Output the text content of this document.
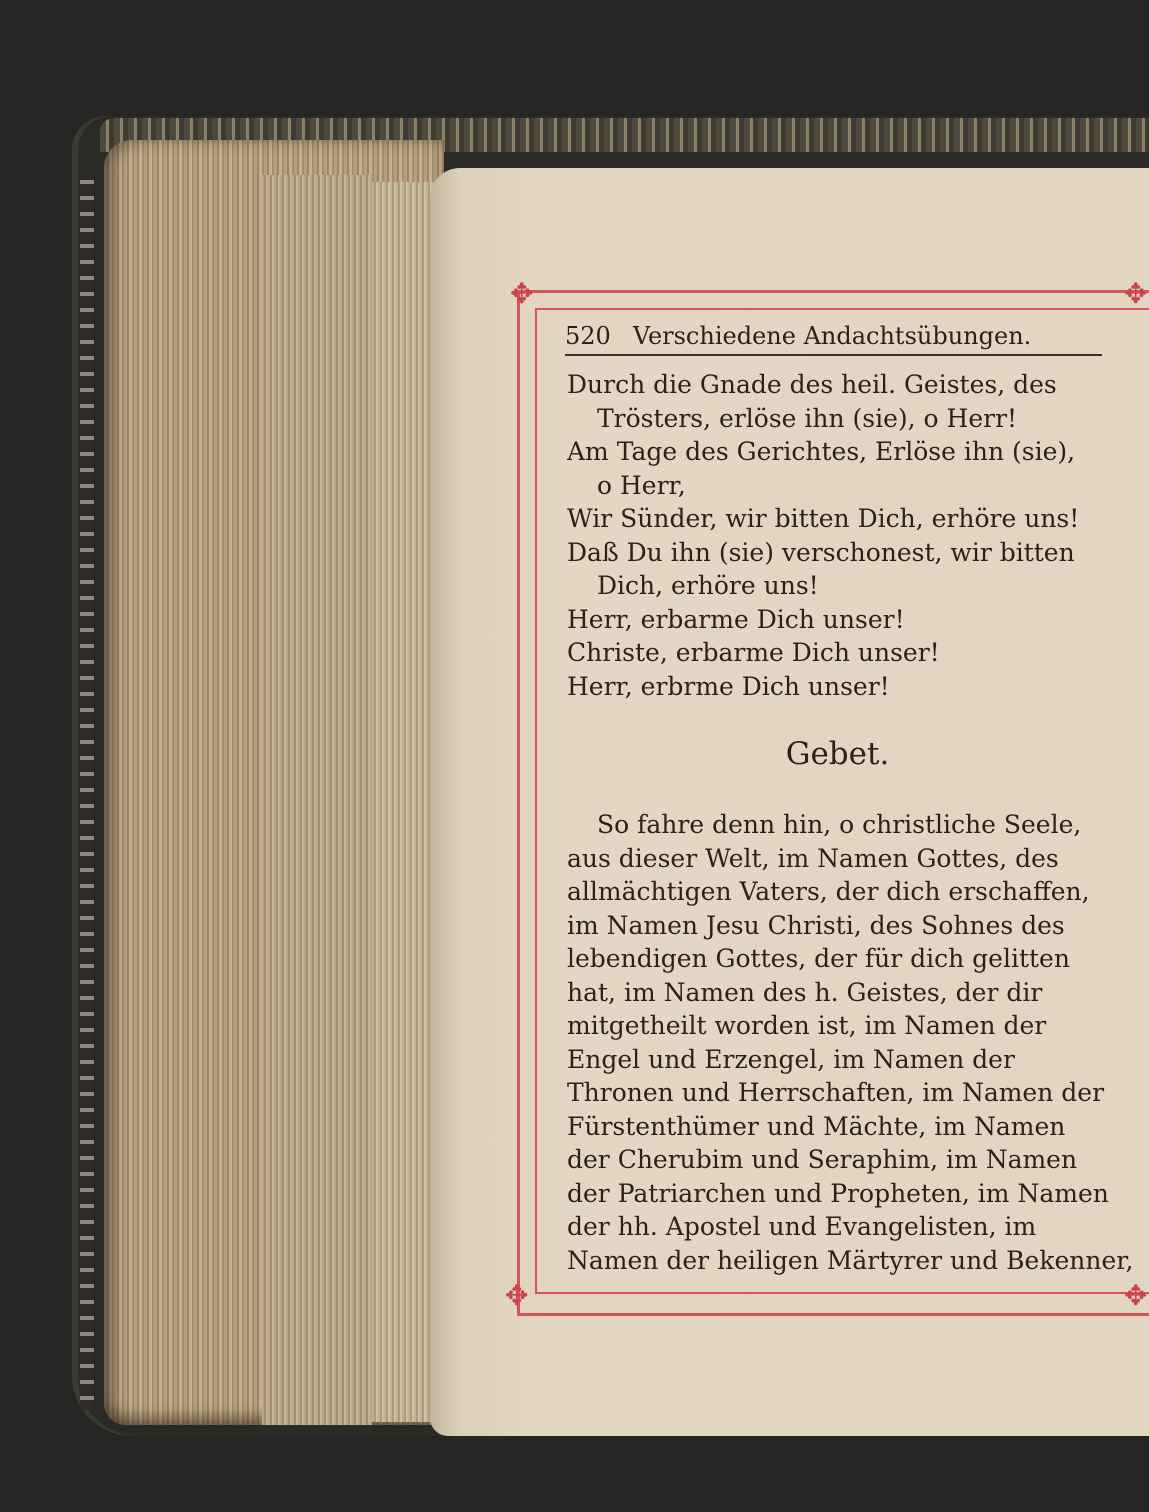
✥	✥
✥	✥
520 Verschiedene Andachtsübungen.
Durch die Gnade des heil. Geistes, des
Trösters, erlöse ihn (sie), o Herr!
Am Tage des Gerichtes, Erlöse ihn (sie),
o Herr,
Wir Sünder, wir bitten Dich, erhöre uns!
Daß Du ihn (sie) verschonest, wir bitten
Dich, erhöre uns!
Herr, erbarme Dich unser!
Christe, erbarme Dich unser!
Herr, erbrme Dich unser!
Gebet.
So fahre denn hin, o christliche Seele,
aus dieser Welt, im Namen Gottes, des
allmächtigen Vaters, der dich erschaffen,
im Namen Jesu Christi, des Sohnes des
lebendigen Gottes, der für dich gelitten
hat, im Namen des h. Geistes, der dir
mitgetheilt worden ist, im Namen der
Engel und Erzengel, im Namen der
Thronen und Herrschaften, im Namen der
Fürstenthümer und Mächte, im Namen
der Cherubim und Seraphim, im Namen
der Patriarchen und Propheten, im Namen
der hh. Apostel und Evangelisten, im
Namen der heiligen Märtyrer und Bekenner,
